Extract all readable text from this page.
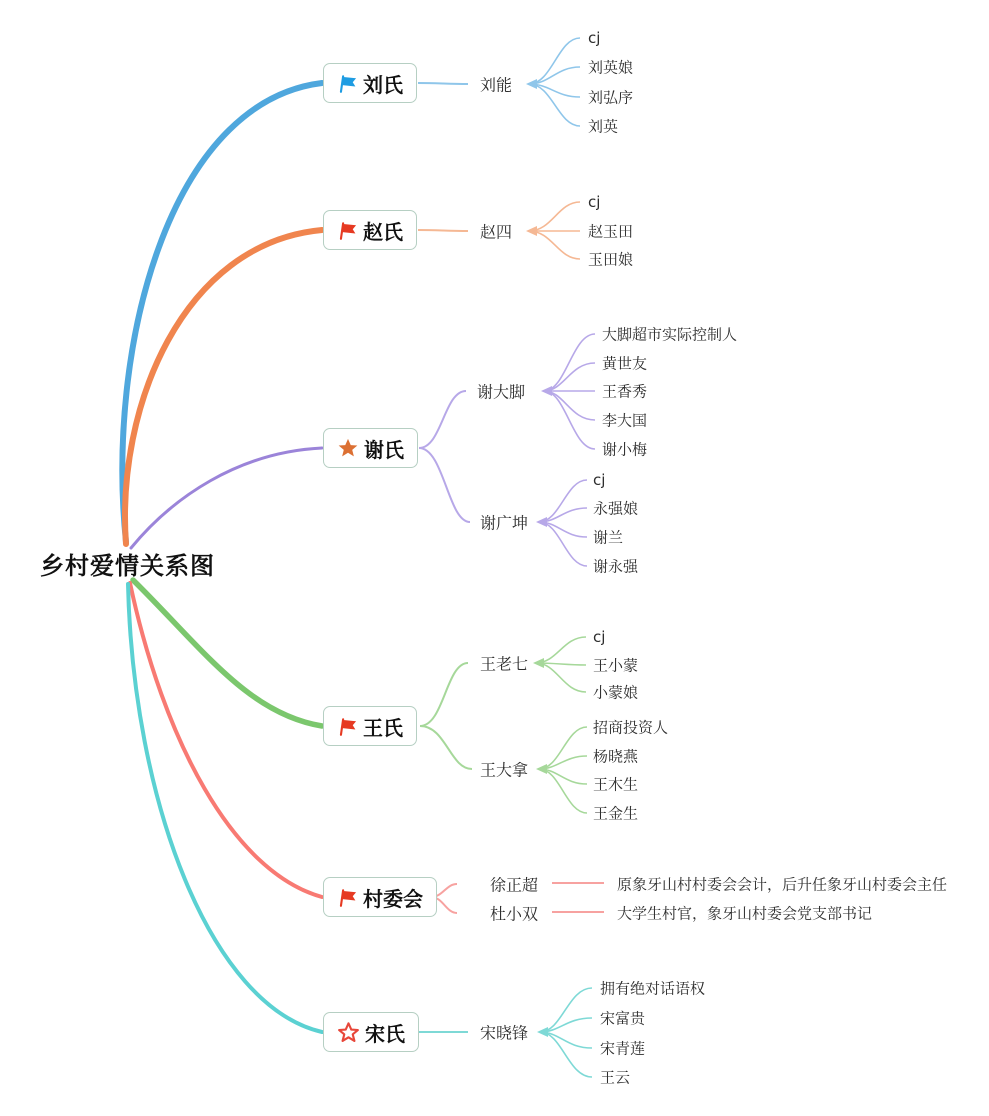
乡村爱情关系图
刘氏	刘能
cj
刘英娘
刘弘序
刘英
赵氏	赵四
cj
赵玉田
玉田娘
谢氏
谢大脚
大脚超市实际控制人
黄世友
王香秀
李大国
谢小梅
谢广坤
cj
永强娘
谢兰
谢永强
王氏
王老七
cj
王小蒙
小蒙娘
王大拿
招商投资人
杨晓燕
王木生
王金生
村委会
徐正超	原象牙山村村委会会计，后升任象牙山村委会主任
杜小双	大学生村官，象牙山村委会党支部书记
宋氏	宋晓锋
拥有绝对话语权
宋富贵
宋青莲
王云
